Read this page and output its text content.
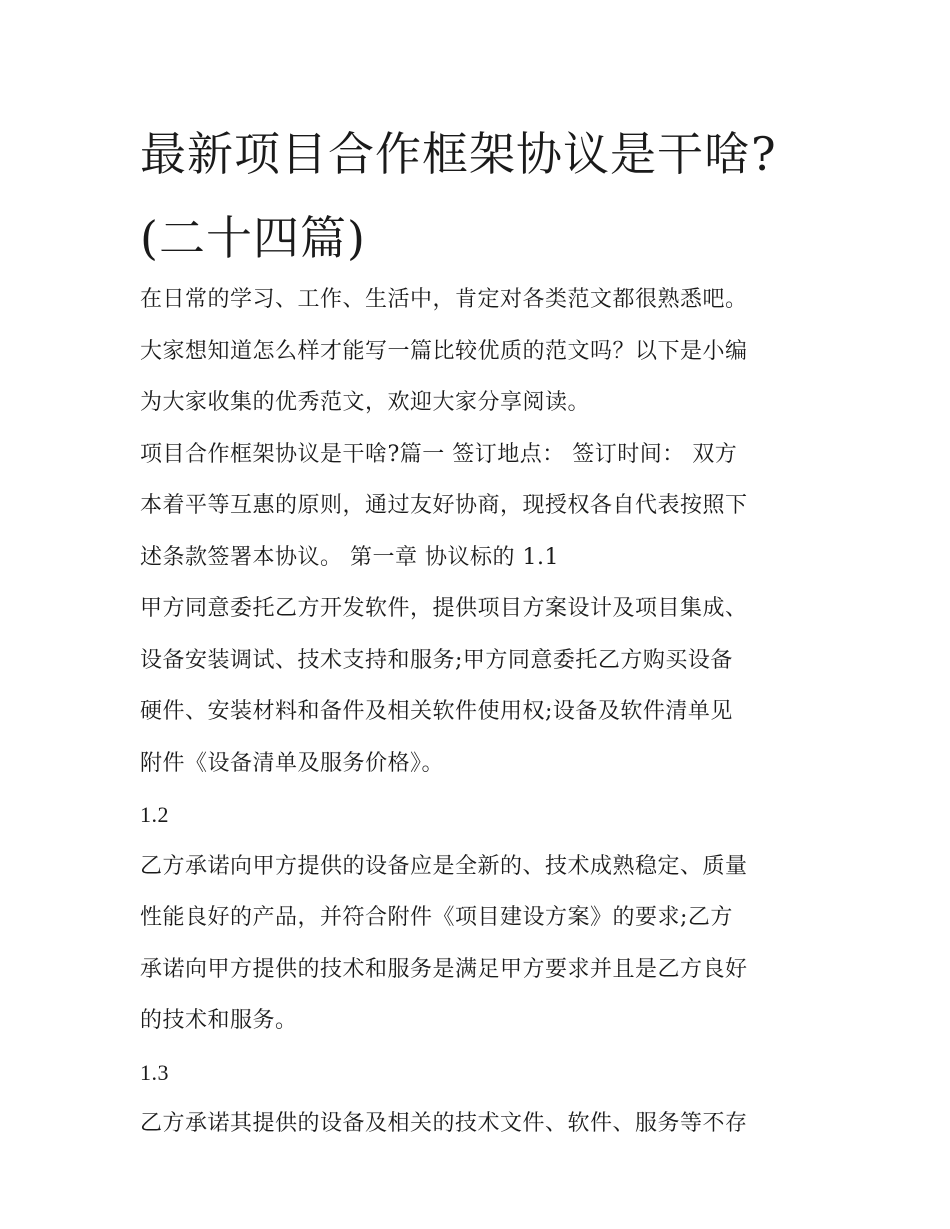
最新项目合作框架协议是干啥?
(二十四篇)

在日常的学习、工作、生活中，肯定对各类范文都很熟悉吧。
大家想知道怎么样才能写一篇比较优质的范文吗？以下是小编
为大家收集的优秀范文，欢迎大家分享阅读。

项目合作框架协议是干啥?篇一 签订地点： 签订时间： 双方
本着平等互惠的原则，通过友好协商，现授权各自代表按照下
述条款签署本协议。 第一章 协议标的 1.1

甲方同意委托乙方开发软件，提供项目方案设计及项目集成、
设备安装调试、技术支持和服务;甲方同意委托乙方购买设备
硬件、安装材料和备件及相关软件使用权;设备及软件清单见
附件《设备清单及服务价格》。

1.2

乙方承诺向甲方提供的设备应是全新的、技术成熟稳定、质量
性能良好的产品，并符合附件《项目建设方案》的要求;乙方
承诺向甲方提供的技术和服务是满足甲方要求并且是乙方良好
的技术和服务。

1.3

乙方承诺其提供的设备及相关的技术文件、软件、服务等不存
